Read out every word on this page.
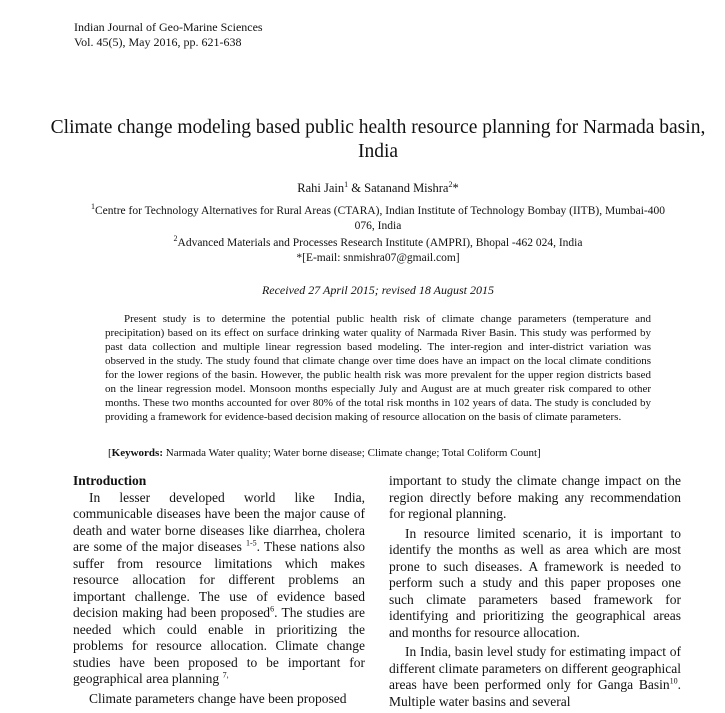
Indian Journal of Geo-Marine Sciences
Vol. 45(5), May 2016, pp. 621-638
Climate change modeling based public health resource planning for Narmada basin, India
Rahi Jain$^1$ & Satanand Mishra$^2$*
$^1$Centre for Technology Alternatives for Rural Areas (CTARA), Indian Institute of Technology Bombay (IITB), Mumbai-400 076, India
$^2$Advanced Materials and Processes Research Institute (AMPRI), Bhopal -462 024, India
*[E-mail: snmishra07@gmail.com]
Received 27 April 2015; revised 18 August 2015
Present study is to determine the potential public health risk of climate change parameters (temperature and precipitation) based on its effect on surface drinking water quality of Narmada River Basin. This study was performed by past data collection and multiple linear regression based modeling. The inter-region and inter-district variation was observed in the study. The study found that climate change over time does have an impact on the local climate conditions for the lower regions of the basin. However, the public health risk was more prevalent for the upper region districts based on the linear regression model. Monsoon months especially July and August are at much greater risk compared to other months. These two months accounted for over 80% of the total risk months in 102 years of data. The study is concluded by providing a framework for evidence-based decision making of resource allocation on the basis of climate parameters.
[Keywords: Narmada Water quality; Water borne disease; Climate change; Total Coliform Count]
Introduction

In lesser developed world like India, communicable diseases have been the major cause of death and water borne diseases like diarrhea, cholera are some of the major diseases $^{1-5}$. These nations also suffer from resource limitations which makes resource allocation for different problems an important challenge. The use of evidence based decision making had been proposed$^6$. The studies are needed which could enable in prioritizing the problems for resource allocation. Climate change studies have been proposed to be important for geographical area planning $^{7,}$

Climate parameters change have been proposed

important to study the climate change impact on the region directly before making any recommendation for regional planning.

In resource limited scenario, it is important to identify the months as well as area which are most prone to such diseases. A framework is needed to perform such a study and this paper proposes one such climate parameters based framework for identifying and prioritizing the geographical areas and months for resource allocation.

In India, basin level study for estimating impact of different climate parameters on different geographical areas have been performed only for Ganga Basin$^{10}$. Multiple water basins and several
